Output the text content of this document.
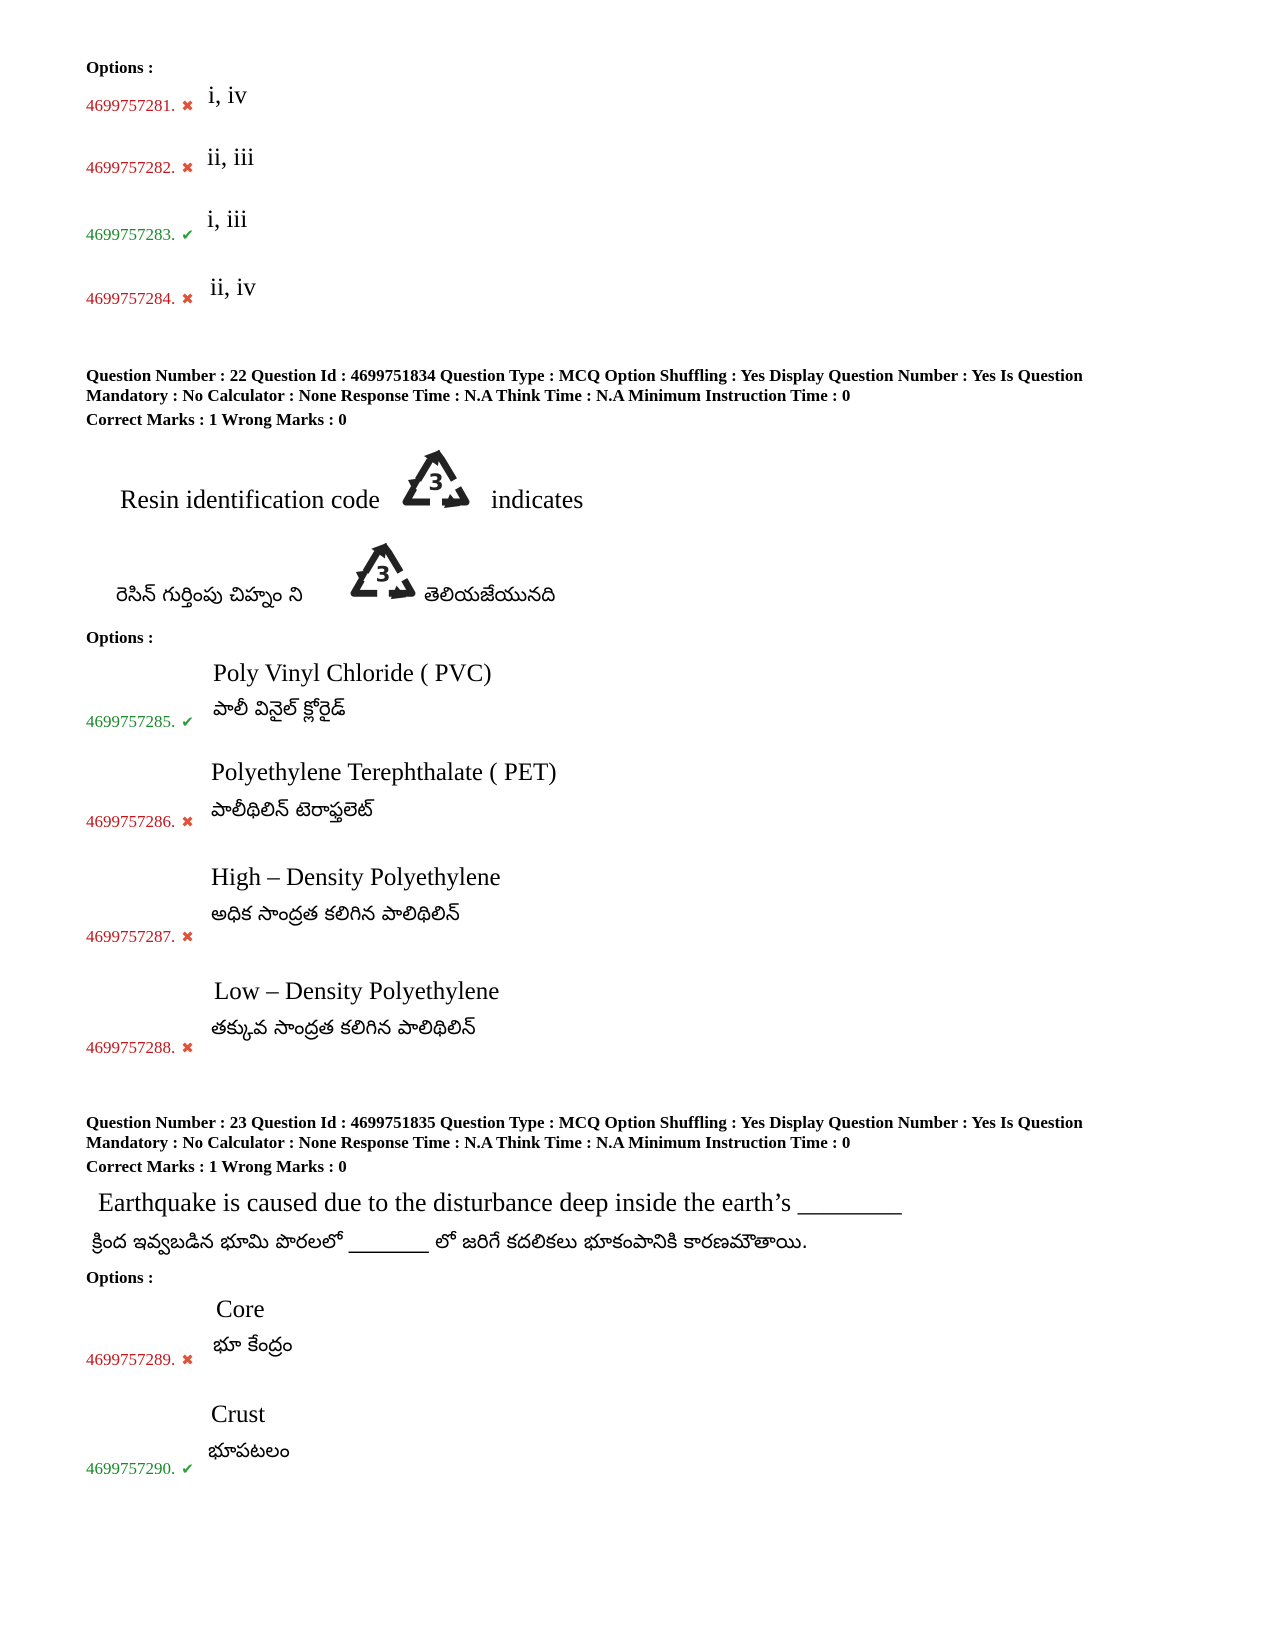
Options :
4699757281. ✖ i, iv
4699757282. ✖ ii, iii
4699757283. ✔
i, iii
4699757284. ✖ ii, iv
Question Number : 22 Question Id : 4699751834 Question Type : MCQ Option Shuffling : Yes Display Question Number : Yes Is Question
Mandatory : No Calculator : None Response Time : N.A Think Time : N.A Minimum Instruction Time : 0
Correct Marks : 1 Wrong Marks : 0
Resin identification code
3
indicates
రెసిన్ గుర్తింపు చిహ్నం ని
3
తెలియజేయునది
Options :
Poly Vinyl Chloride ( PVC)
పాలీ వినైల్ క్లోరైడ్
4699757285. ✔
Polyethylene Terephthalate ( PET)
పాలీథిలిన్ టెరాఫ్తలెట్
4699757286. ✖
High – Density Polyethylene
అధిక సాంద్రత కలిగిన పాలిథిలిన్
4699757287. ✖
Low – Density Polyethylene
తక్కువ సాంద్రత కలిగిన పాలిథిలిన్
4699757288. ✖
Question Number : 23 Question Id : 4699751835 Question Type : MCQ Option Shuffling : Yes Display Question Number : Yes Is Question
Mandatory : No Calculator : None Response Time : N.A Think Time : N.A Minimum Instruction Time : 0
Correct Marks : 1 Wrong Marks : 0
Earthquake is caused due to the disturbance deep inside the earth’s ________
క్రింద ఇవ్వబడిన భూమి పొరలలో ________ లో జరిగే కదలికలు భూకంపానికి కారణమౌతాయి.
Options :
Core
భూ కేంద్రం
4699757289. ✖
Crust
భూపటలం
4699757290. ✔
